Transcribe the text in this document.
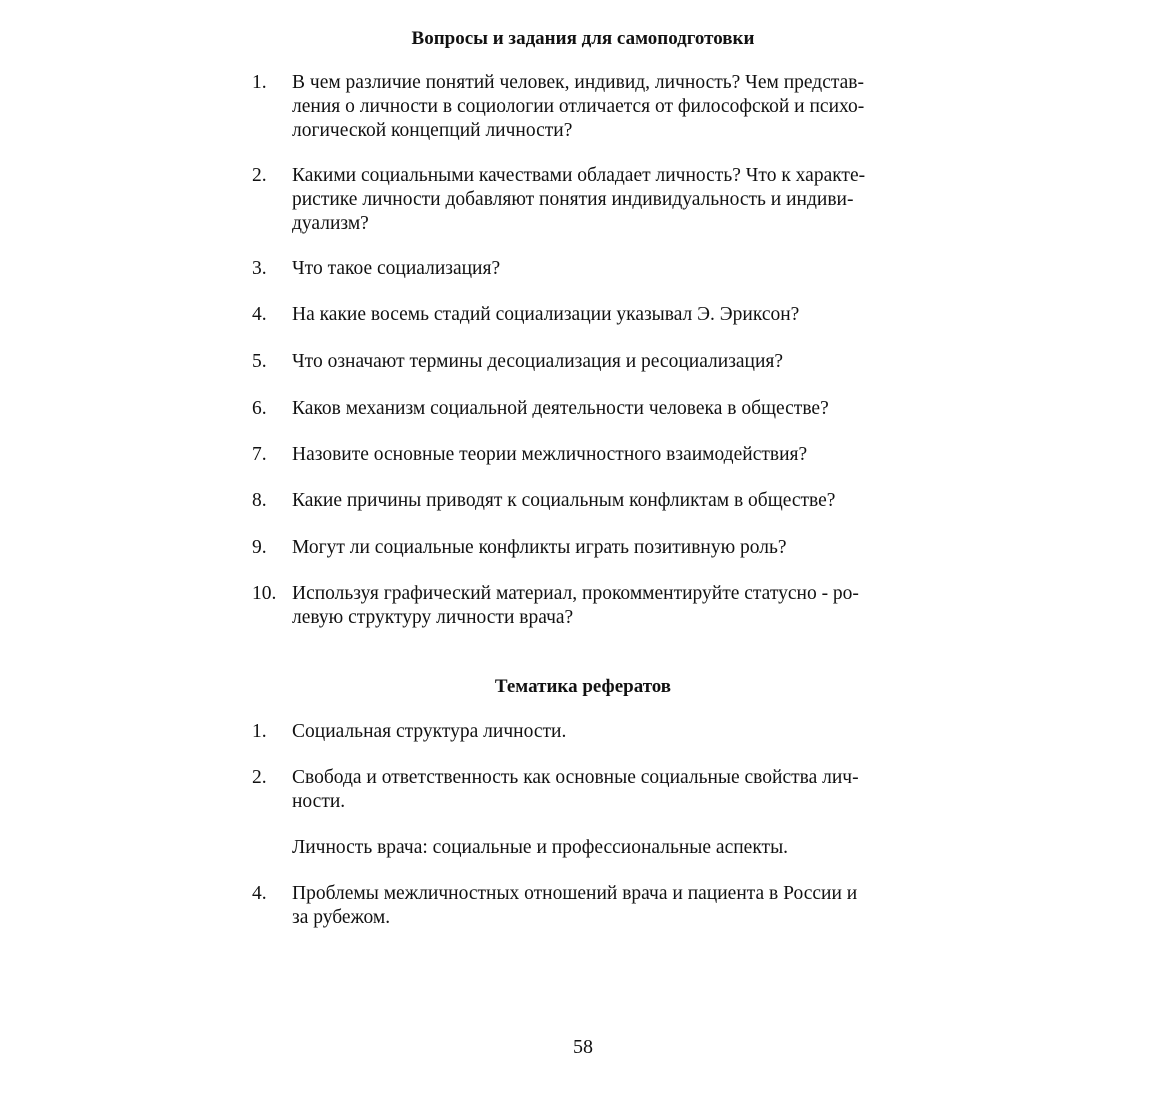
Вопросы и задания для самоподготовки
1.	В чем различие понятий человек, индивид, личность? Чем представ-
ления о личности в социологии отличается от философской и психо-
логической концепций личности?
2.	Какими социальными качествами обладает личность? Что к характе-
ристике личности добавляют понятия индивидуальность и индиви-
дуализм?
3.	Что такое социализация?
4.	На какие восемь стадий социализации указывал Э. Эриксон?
5.	Что означают термины десоциализация и ресоциализация?
6.	Каков механизм социальной деятельности человека в обществе?
7.	Назовите основные теории межличностного взаимодействия?
8.	Какие причины приводят к социальным конфликтам в обществе?
9.	Могут ли социальные конфликты играть позитивную роль?
10. Используя графический материал, прокомментируйте статусно - ро-
левую структуру личности врача?
Тематика рефератов
1.	Социальная структура личности.
2.	Свобода и ответственность как основные социальные свойства лич-
ности.
Личность врача: социальные и профессиональные аспекты.
4.	Проблемы межличностных отношений врача и пациента в России и
за рубежом.
58
